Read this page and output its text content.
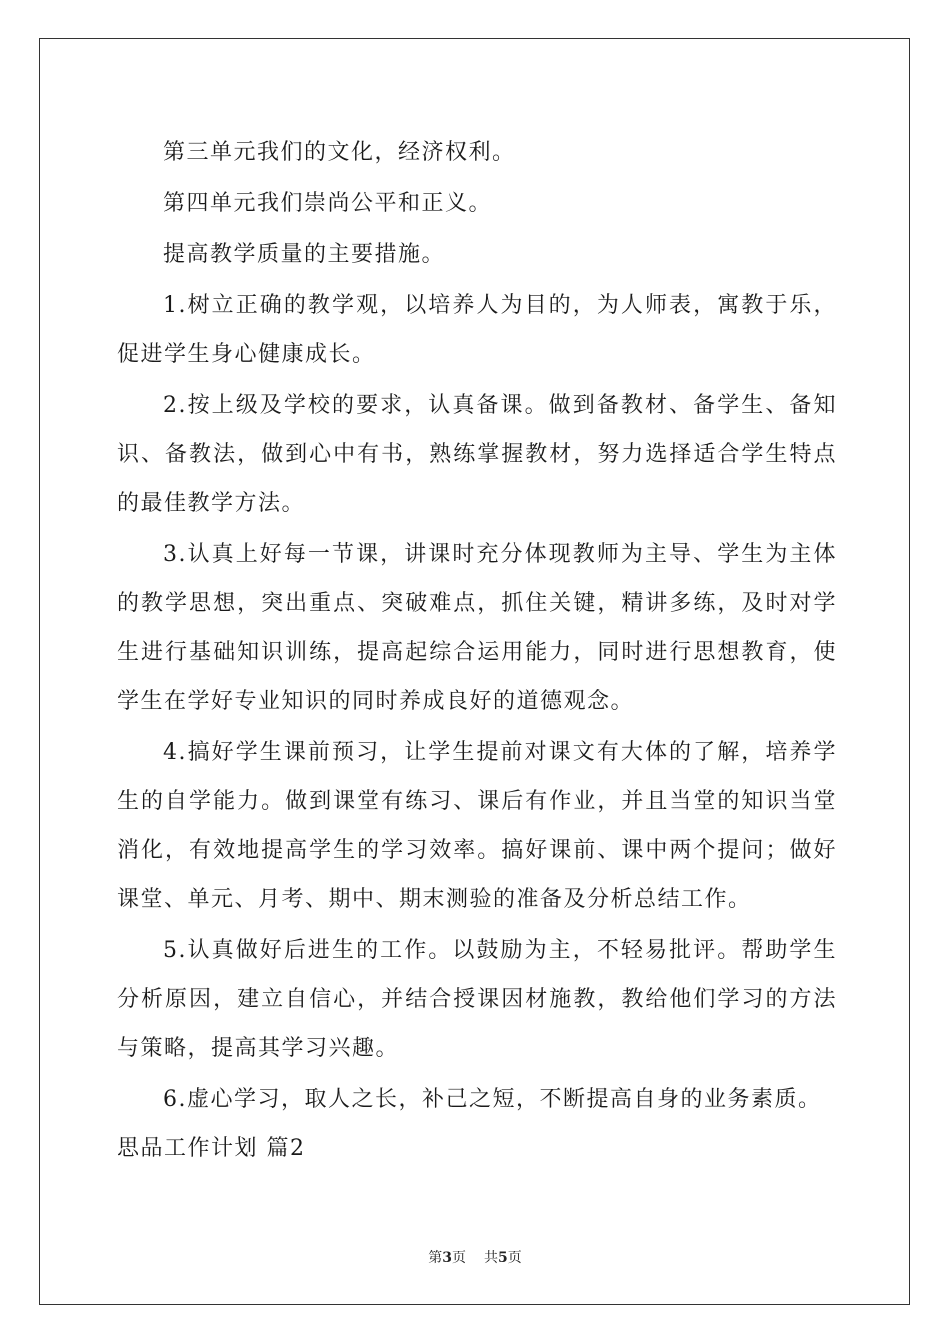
第三单元我们的文化，经济权利。

第四单元我们崇尚公平和正义。

提高教学质量的主要措施。

1.树立正确的教学观，以培养人为目的，为人师表，寓教于乐，促进学生身心健康成长。

2.按上级及学校的要求，认真备课。做到备教材、备学生、备知识、备教法，做到心中有书，熟练掌握教材，努力选择适合学生特点的最佳教学方法。

3.认真上好每一节课，讲课时充分体现教师为主导、学生为主体的教学思想，突出重点、突破难点，抓住关键，精讲多练，及时对学生进行基础知识训练，提高起综合运用能力，同时进行思想教育，使学生在学好专业知识的同时养成良好的道德观念。

4.搞好学生课前预习，让学生提前对课文有大体的了解，培养学生的自学能力。做到课堂有练习、课后有作业，并且当堂的知识当堂消化，有效地提高学生的学习效率。搞好课前、课中两个提问；做好课堂、单元、月考、期中、期末测验的准备及分析总结工作。

5.认真做好后进生的工作。以鼓励为主，不轻易批评。帮助学生分析原因，建立自信心，并结合授课因材施教，教给他们学习的方法与策略，提高其学习兴趣。

6.虚心学习，取人之长，补己之短，不断提高自身的业务素质。

思品工作计划 篇2

第3页 共5页
